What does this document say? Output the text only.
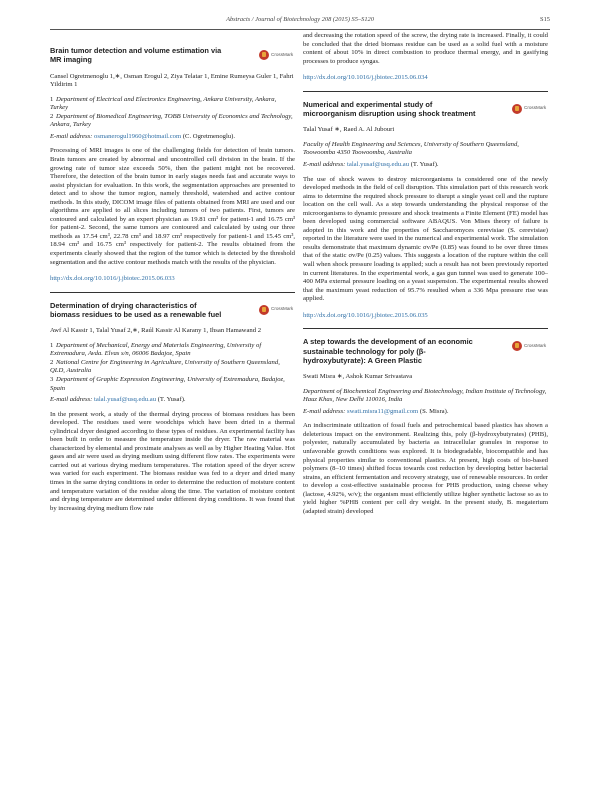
Abstracts / Journal of Biotechnology 208 (2015) S5–S120	S15
CrossMark
Brain tumor detection and volume estimation via MR imaging
Cansel Ogretmenoglu 1,∗, Osman Erogul 2, Ziya Telatar 1, Emine Rumeysa Guler 1, Fahri Yildirim 1
1 Department of Electrical and Electronics Engineering, Ankara University, Ankara, Turkey
2 Department of Biomedical Engineering, TOBB University of Economics and Technology, Ankara, Turkey
E-mail address: osmanerogul1960@hotmail.com (C. Ogretmenoglu).
Processing of MRI images is one of the challenging fields for detection of brain tumors. Brain tumors are created by abnormal and uncontrolled cell division in the brain. If the growing rate of tumor size exceeds 50%, then the patient might not be recovered. Therefore, the detection of the brain tumor in early stages needs fast and accurate ways to assist physician for evaluation. In this work, the segmentation approaches are presented to detect and to show the tumor region, namely threshold, watershed and active contour methods. In this study, DICOM image files of patients obtained from MRI are used and our algorithms are applied to all slices including tumors of two patients. First, tumors are contoured and calculated by an expert physician as 19.81 cm³ for patient-1 and 16.75 cm³ for patient-2. Second, the same tumors are contoured and calculated by using our three methods as 17.54 cm³, 22.78 cm³ and 18.97 cm³ respectively for patient-1 and 15.45 cm³, 18.94 cm³ and 16.75 cm³ respectively for patient-2. The results obtained from the experiments clearly showed that the region of the tumor which is detected by the threshold segmentation and the active contour methods match with the results of the physician.
http://dx.doi.org/10.1016/j.jbiotec.2015.06.033
CrossMark
Determination of drying characteristics of biomass residues to be used as a renewable fuel
Awf Al Kassir 1, Talal Yusaf 2,∗, Raúl Kassir Al Karany 1, Ihsan Hamawand 2
1 Department of Mechanical, Energy and Materials Engineering, University of Extremadura, Avda. Elvas s/n, 06006 Badajoz, Spain
2 National Centre for Engineering in Agriculture, University of Southern Queensland, QLD, Australia
3 Department of Graphic Expression Engineering, University of Extremadura, Badajoz, Spain
E-mail address: talal.yusaf@usq.edu.au (T. Yusaf).
In the present work, a study of the thermal drying process of biomass residues has been developed. The residues used were woodchips which have been dried in a thermal cylindrical dryer designed according to these types of residues. An experimental facility has been built in order to measure the temperature inside the dryer. The raw material was characterized by elemental and proximate analyses as well as by Higher Heating Value. Hot gases and air were used as drying medium using different flow rates. The experiments were carried out at various drying medium temperatures. The rotation speed of the dryer screw was varied for each experiment. The biomass residue was fed to a dryer and dried many times in the same drying conditions in order to determine the reduction of moisture content and temperature variation of the residue along the time. The variation of moisture content and drying temperature are determined under different drying conditions. It was found that by increasing drying medium flow rate
and decreasing the rotation speed of the screw, the drying rate is increased. Finally, it could be concluded that the dried biomass residue can be used as a solid fuel with a moisture content of about 10% in direct combustion to produce thermal energy, and in gasifying processes to produce syngas.
http://dx.doi.org/10.1016/j.jbiotec.2015.06.034
CrossMark
Numerical and experimental study of microorganism disruption using shock treatment
Talal Yusaf ∗, Raed A. Al Jubouri
Faculty of Health Engineering and Sciences, University of Southern Queensland, Toowoomba 4350 Toowoomba, Australia
E-mail address: talal.yusaf@usq.edu.au (T. Yusaf).
The use of shock waves to destroy microorganisms is considered one of the newly developed methods in the field of cell disruption. This simulation part of this research work aims to determine the required shock pressure to disrupt a single yeast cell and the rupture location on the cell wall. As a step towards understanding the physical response of the microorganisms to dynamic pressure and shock treatments a Finite Element (FE) model has been developed using commercial software ABAQUS. Von Mises theory of failure is adopted in this work and the properties of Saccharomyces cerevisiae (S. cerevisiae) reported in the literature were used in the numerical and experimental work. The simulation results demonstrate that maximum dynamic σv/Pe (0.85) was found to be over three times that of the static σv/Pe (0.25) values. This suggests a location of the rupture within the cell wall when shock pressure loading is applied; such a result has not been previously reported in current literatures. In the experimental work, a gas gun tunnel was used to generate 100–400 MPa external pressure loading on a yeast suspension. The experimental results showed that the maximum yeast reduction of 95.7% resulted when a 336 Mpa pressure rise was applied.
http://dx.doi.org/10.1016/j.jbiotec.2015.06.035
CrossMark
A step towards the development of an economic sustainable technology for poly (β-hydroxybutyrate): A Green Plastic
Swati Misra ∗, Ashok Kumar Srivastava
Department of Biochemical Engineering and Biotechnology, Indian Institute of Technology, Hauz Khas, New Delhi 110016, India
E-mail address: swati.misra11@gmail.com (S. Misra).
An indiscriminate utilization of fossil fuels and petrochemical based plastics has shown a deleterious impact on the environment. Realizing this, poly (β-hydroxybutyrates) (PHB), polyester, naturally accumulated by bacteria as intracellular granules in response to unfavorable growth conditions was explored. It is biodegradable, biocompatible and has physical properties similar to conventional plastics. At present, high costs of bio-based polymers (8–10 times) shifted focus towards cost reduction by developing better bacterial strains, an efficient fermentation and recovery strategy, use of renewable resources. In order to develop a cost-effective sustainable process for PHB production, using cheese whey (lactose, 4.92%, w/v); the organism must efficiently utilize higher synthetic lactose so as to yield higher %PHB content per cell dry weight. In the present study, B. megaterium (adapted strain) developed
